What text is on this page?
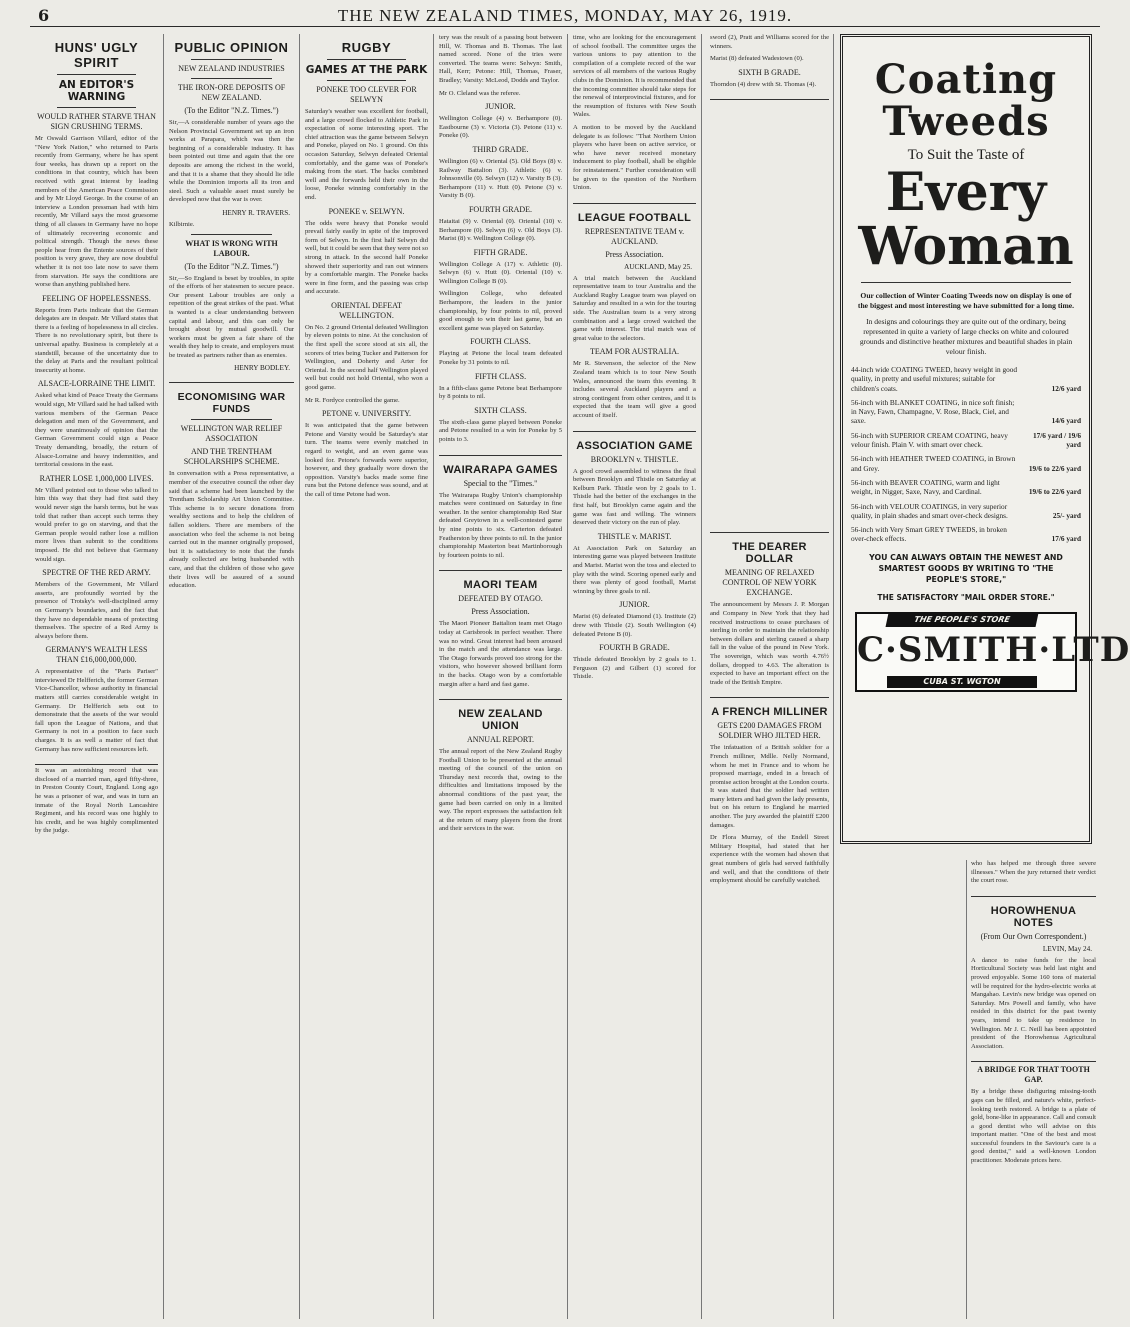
6	THE NEW ZEALAND TIMES, MONDAY, MAY 26, 1919.
HUNS' UGLY SPIRIT
AN EDITOR'S WARNING
WOULD RATHER STARVE THAN SIGN CRUSHING TERMS.

Mr Oswald Garrison Villard, editor of the "New York Nation," who returned to Paris recently from Germany, where he has spent four weeks, has drawn up a report on the conditions in that country, which has been received with great interest by leading members of the American Peace Commission and by Mr Lloyd George. In the course of an interview a London pressman had with him recently, Mr Villard says the most gruesome thing of all classes in Germany have no hope of ultimately recovering economic and political strength. Though the news these people hear from the Entente sources of their position is very grave, they are now doubtful whether it is not too late now to save them from starvation. He says the conditions are worse than anything published here.

FEELING OF HOPELESSNESS.

Reports from Paris indicate that the German delegates are in despair. Mr Villard states that there is a feeling of hopelessness in all circles. There is no revolutionary spirit, but there is universal apathy. Business is completely at a standstill, because of the uncertainty due to the delay at Paris and the resultant political insecurity at home.

ALSACE-LORRAINE THE LIMIT.

Asked what kind of Peace Treaty the Germans would sign, Mr Villard said he had talked with various members of the German Peace delegation and men of the Government, and they were unanimously of opinion that the German Government could sign a Peace Treaty demanding, broadly, the return of Alsace-Lorraine and heavy indemnities, and territorial cessions in the east.

RATHER LOSE 1,000,000 LIVES.

Mr Villard pointed out to those who talked to him this way that they had first said they would never sign the harsh terms, but he was told that rather than accept such terms they would prefer to go on starving, and that the German people would rather lose a million more lives than submit to the conditions imposed. He did not believe that Germany would sign.

SPECTRE OF THE RED ARMY.

Members of the Government, Mr Villard asserts, are profoundly worried by the presence of Trotsky's well-disciplined army on Germany's boundaries, and the fact that they have no dependable means of protecting themselves. The spectre of a Red Army is always before them.

GERMANY'S WEALTH LESS THAN £16,000,000,000.

A representative of the "Paris Pariser" interviewed Dr Helfferich, the former German Vice-Chancellor, whose authority in financial matters still carries considerable weight in Germany. Dr Helfferich sets out to demonstrate that the assets of the war would fall upon the League of Nations, and that Germany is not in a position to face such charges. It is as well a matter of fact that Germany has now sufficient resources left.

It was an astonishing record that was disclosed of a married man, aged fifty-three, in Preston County Court, England. Long ago he was a prisoner of war, and was in turn an inmate of the Royal North Lancashire Regiment, and his record was one highly to his credit, and he was highly complimented by the judge.

PUBLIC OPINION
NEW ZEALAND INDUSTRIES
THE IRON-ORE DEPOSITS OF NEW ZEALAND.
(To the Editor "N.Z. Times.")

Sir,—A considerable number of years ago the Nelson Provincial Government set up an iron works at Parapara, which was then the beginning of a considerable industry. It has been pointed out time and again that the ore deposits are among the richest in the world, and that it is a shame that they should lie idle while the Dominion imports all its iron and steel. Such a valuable asset must surely be developed now that the war is over.

HENRY R. TRAVERS.
Kilbirnie.
WHAT IS WRONG WITH LABOUR.
(To the Editor "N.Z. Times.")

Sir,—So England is beset by troubles, in spite of the efforts of her statesmen to secure peace. Our present Labour troubles are only a repetition of the great strikes of the past. What is wanted is a clear understanding between capital and labour, and this can only be brought about by mutual goodwill. Our workers must be given a fair share of the wealth they help to create, and employers must be treated as partners rather than as enemies.

HENRY BODLEY.
ECONOMISING WAR FUNDS
WELLINGTON WAR RELIEF ASSOCIATION
AND THE TRENTHAM SCHOLARSHIPS SCHEME.

In conversation with a Press representative, a member of the executive council the other day said that a scheme had been launched by the Trentham Scholarship Art Union Committee. This scheme is to secure donations from wealthy sections and to help the children of fallen soldiers. There are members of the association who feel the scheme is not being carried out in the manner originally proposed, but it is satisfactory to note that the funds already collected are being husbanded with care, and that the children of those who gave their lives will be assured of a sound education.

RUGBY
GAMES AT THE PARK
PONEKE TOO CLEVER FOR SELWYN

Saturday's weather was excellent for football, and a large crowd flocked to Athletic Park in expectation of some interesting sport. The chief attraction was the game between Selwyn and Poneke, played on No. 1 ground. On this occasion Saturday, Selwyn defeated Oriental comfortably, and the game was of Poneke's making from the start. The backs combined well and the forwards held their own in the loose, Poneke winning comfortably in the end.

PONEKE v. SELWYN.

The odds were heavy that Poneke would prevail fairly easily in spite of the improved form of Selwyn. In the first half Selwyn did well, but it could be seen that they were not so strong in attack. In the second half Poneke showed their superiority and ran out winners by a comfortable margin. The Poneke backs were in fine form, and the passing was crisp and accurate.

ORIENTAL DEFEAT WELLINGTON.

On No. 2 ground Oriental defeated Wellington by eleven points to nine. At the conclusion of the first spell the score stood at six all, the scorers of tries being Tucker and Patterson for Wellington, and Doherty and Arter for Oriental. In the second half Wellington played well but could not hold Oriental, who won a good game.

Mr R. Fordyce controlled the game.

PETONE v. UNIVERSITY.

It was anticipated that the game between Petone and Varsity would be Saturday's star turn. The teams were evenly matched in regard to weight, and an even game was looked for. Petone's forwards were superior, however, and they gradually wore down the opposition. Varsity's backs made some fine runs but the Petone defence was sound, and at the call of time Petone had won.

tery was the result of a passing bout between Hill, W. Thomas and B. Thomas. The last named scored. None of the tries were converted. The teams were: Selwyn: Smith, Hall, Kerr; Petone: Hill, Thomas, Fraser, Bradley; Varsity: McLeod, Dodds and Taylor.

Mr O. Cleland was the referee.

JUNIOR.

Wellington College (4) v. Berhampore (0). Eastbourne (3) v. Victoria (3). Petone (11) v. Poneke (0).

THIRD GRADE.

Wellington (6) v. Oriental (5). Old Boys (8) v. Railway Battalion (3). Athletic (6) v. Johnsonville (0). Selwyn (12) v. Varsity B (3). Berhampore (11) v. Hutt (0). Petone (3) v. Varsity B (0).

FOURTH GRADE.

Hataitai (9) v. Oriental (0). Oriental (10) v. Berhampore (0). Selwyn (6) v. Old Boys (3). Marist (8) v. Wellington College (0).

FIFTH GRADE.

Wellington College A (17) v. Athletic (0). Selwyn (6) v. Hutt (0). Oriental (10) v. Wellington College B (0).

Wellington College, who defeated Berhampore, the leaders in the junior championship, by four points to nil, proved good enough to win their last game, but an excellent game was played on Saturday.

FOURTH CLASS.

Playing at Petone the local team defeated Poneke by 31 points to nil.

FIFTH CLASS.

In a fifth-class game Petone beat Berhampore by 8 points to nil.

SIXTH CLASS.

The sixth-class game played between Poneke and Petone resulted in a win for Poneke by 5 points to 3.

WAIRARAPA GAMES
Special to the "Times."

The Wairarapa Rugby Union's championship matches were continued on Saturday in fine weather. In the senior championship Red Star defeated Greytown in a well-contested game by nine points to six. Carterton defeated Featherston by three points to nil. In the junior championship Masterton beat Martinborough by fourteen points to nil.

MAORI TEAM
DEFEATED BY OTAGO.
Press Association.

The Maori Pioneer Battalion team met Otago today at Carisbrook in perfect weather. There was no wind. Great interest had been aroused in the match and the attendance was large. The Otago forwards proved too strong for the visitors, who however showed brilliant form in the backs. Otago won by a comfortable margin after a hard and fast game.

NEW ZEALAND UNION
ANNUAL REPORT.

The annual report of the New Zealand Rugby Football Union to be presented at the annual meeting of the council of the union on Thursday next records that, owing to the difficulties and limitations imposed by the abnormal conditions of the past year, the game had been carried on only in a limited way. The report expresses the satisfaction felt at the return of many players from the front and their services in the war.

time, who are looking for the encouragement of school football. The committee urges the various unions to pay attention to the compilation of a complete record of the war services of all members of the various Rugby clubs in the Dominion. It is recommended that the incoming committee should take steps for the renewal of interprovincial fixtures, and for the resumption of fixtures with New South Wales.

A motion to be moved by the Auckland delegate is as follows: "That Northern Union players who have been on active service, or who have never received monetary inducement to play football, shall be eligible for reinstatement." Further consideration will be given to the question of the Northern Union.

LEAGUE FOOTBALL
REPRESENTATIVE TEAM v. AUCKLAND.
Press Association.
AUCKLAND, May 25.

A trial match between the Auckland representative team to tour Australia and the Auckland Rugby League team was played on Saturday and resulted in a win for the touring side. The Australian team is a very strong combination and a large crowd watched the game with interest. The trial match was of great value to the selectors.

TEAM FOR AUSTRALIA.

Mr R. Stevenson, the selector of the New Zealand team which is to tour New South Wales, announced the team this evening. It includes several Auckland players and a strong contingent from other centres, and it is expected that the team will give a good account of itself.

ASSOCIATION GAME
BROOKLYN v. THISTLE.

A good crowd assembled to witness the final between Brooklyn and Thistle on Saturday at Kelburn Park. Thistle won by 2 goals to 1. Thistle had the better of the exchanges in the first half, but Brooklyn came again and the game was fast and willing. The winners deserved their victory on the run of play.

THISTLE v. MARIST.

At Association Park on Saturday an interesting game was played between Institute and Marist. Marist won the toss and elected to play with the wind. Scoring opened early and there was plenty of good football, Marist winning by three goals to nil.

JUNIOR.

Marist (6) defeated Diamond (1). Institute (2) drew with Thistle (2). South Wellington (4) defeated Petone B (0).

FOURTH B GRADE.

Thistle defeated Brooklyn by 2 goals to 1. Ferguson (2) and Gilbert (1) scored for Thistle.

sword (2), Pratt and Williams scored for the winners.

Marist (8) defeated Wadestown (0).

SIXTH B GRADE.

Thorndon (4) drew with St. Thomas (4).

THE DEARER DOLLAR
MEANING OF RELAXED CONTROL OF NEW YORK EXCHANGE.

The announcement by Messrs J. P. Morgan and Company in New York that they had received instructions to cease purchases of sterling in order to maintain the relationship between dollars and sterling caused a sharp fall in the value of the pound in New York. The sovereign, which was worth 4.76½ dollars, dropped to 4.63. The alteration is expected to have an important effect on the trade of the British Empire.

A FRENCH MILLINER
GETS £200 DAMAGES FROM SOLDIER WHO JILTED HER.

The infatuation of a British soldier for a French milliner, Mdlle. Nelly Normand, whom he met in France and to whom he proposed marriage, ended in a breach of promise action brought at the London courts. It was stated that the soldier had written many letters and had given the lady presents, but on his return to England he married another. The jury awarded the plaintiff £200 damages.

Dr Flora Murray, of the Endell Street Military Hospital, had stated that her experience with the women had shown that great numbers of girls had served faithfully and well, and that the conditions of their employment should be carefully watched.

Coating Tweeds
To Suit the Taste of
Every Woman

Our collection of Winter Coating Tweeds now on display is one of the biggest and most interesting we have submitted for a long time.

In designs and colourings they are quite out of the ordinary, being represented in quite a variety of large checks on white and coloured grounds and distinctive heather mixtures and beautiful shades in plain velour finish.

44-inch wide COATING TWEED, heavy weight in good quality, in pretty and useful mixtures; suitable for children's coats.	12/6 yard
56-inch with BLANKET COATING, in nice soft finish; in Navy, Fawn, Champagne, V. Rose, Black, Ciel, and saxe.	14/6 yard
56-inch with SUPERIOR CREAM COATING, heavy velour finish. Plain V. with smart over check.
17/6 yard / 19/6 yard
56-inch with HEATHER TWEED COATING, in Brown and Grey.	19/6 to 22/6 yard
56-inch with BEAVER COATING, warm and light weight, in Nigger, Saxe, Navy, and Cardinal.	19/6 to 22/6 yard
56-inch with VELOUR COATINGS, in very superior quality, in plain shades and smart over-check designs.	25/- yard
56-inch with Very Smart GREY TWEEDS, in broken over-check effects.	17/6 yard
YOU CAN ALWAYS OBTAIN THE NEWEST AND SMARTEST GOODS BY WRITING TO "THE PEOPLE'S STORE,"
THE SATISFACTORY "MAIL ORDER STORE."
THE PEOPLE'S STORE
C·SMITH·LTD
CUBA ST. WGTON

who has helped me through three severe illnesses." When the jury returned their verdict the court rose.

HOROWHENUA NOTES
(From Our Own Correspondent.)
LEVIN, May 24.

A dance to raise funds for the local Horticultural Society was held last night and proved enjoyable. Some 160 tons of material will be required for the hydro-electric works at Mangahao. Levin's new bridge was opened on Saturday. Mrs Powell and family, who have resided in this district for the past twenty years, intend to take up residence in Wellington. Mr J. C. Neill has been appointed president of the Horowhenua Agricultural Association.

A BRIDGE FOR THAT TOOTH GAP.

By a bridge these disfiguring missing-tooth gaps can be filled, and nature's white, perfect-looking teeth restored. A bridge is a plate of gold, bone-like in appearance. Call and consult a good dentist who will advise on this important matter. "One of the best and most successful founders in the Saviour's care is a good dentist," said a well-known London practitioner. Moderate prices here.
